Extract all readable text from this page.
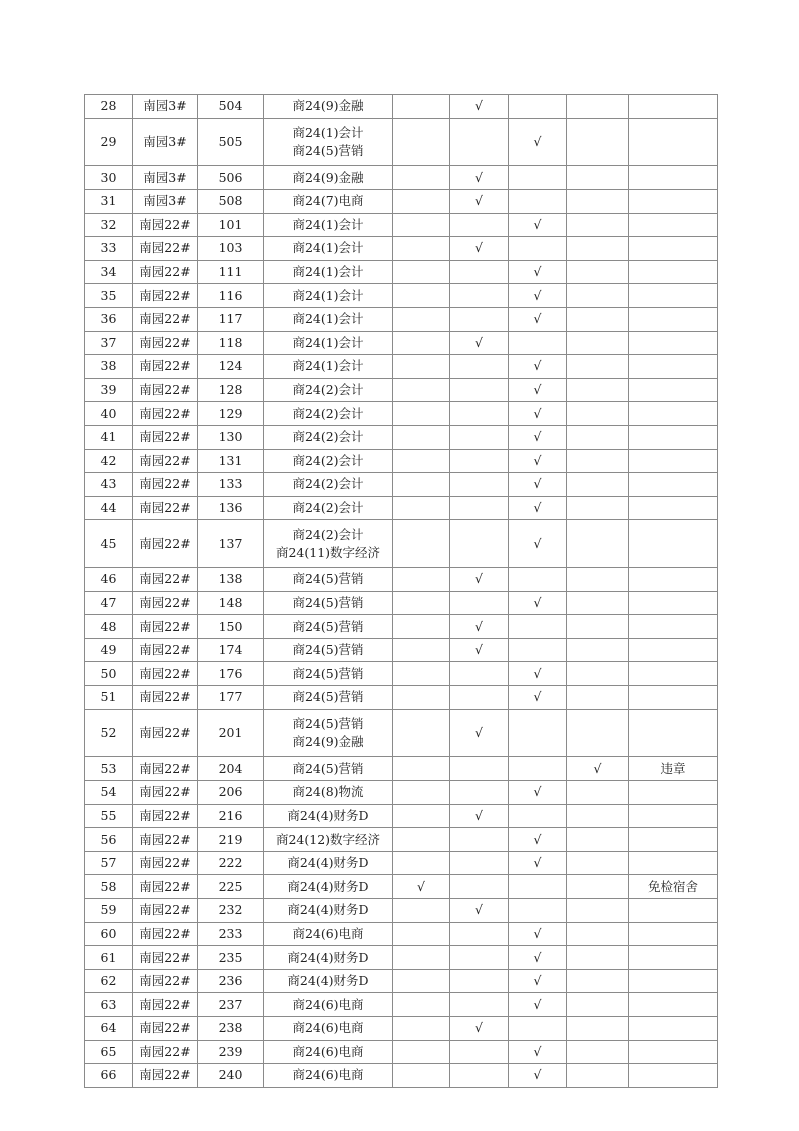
28	南园3#	504	商24(9)金融		√			
29	南园3#	505	商24(1)会计
商24(5)营销			√		
30	南园3#	506	商24(9)金融		√			
31	南园3#	508	商24(7)电商		√			
32	南园22#	101	商24(1)会计			√		
33	南园22#	103	商24(1)会计		√			
34	南园22#	111	商24(1)会计			√		
35	南园22#	116	商24(1)会计			√		
36	南园22#	117	商24(1)会计			√		
37	南园22#	118	商24(1)会计		√			
38	南园22#	124	商24(1)会计			√		
39	南园22#	128	商24(2)会计			√		
40	南园22#	129	商24(2)会计			√		
41	南园22#	130	商24(2)会计			√		
42	南园22#	131	商24(2)会计			√		
43	南园22#	133	商24(2)会计			√		
44	南园22#	136	商24(2)会计			√		
45	南园22#	137	商24(2)会计
商24(11)数字经济			√		
46	南园22#	138	商24(5)营销		√			
47	南园22#	148	商24(5)营销			√		
48	南园22#	150	商24(5)营销		√			
49	南园22#	174	商24(5)营销		√			
50	南园22#	176	商24(5)营销			√		
51	南园22#	177	商24(5)营销			√		
52	南园22#	201	商24(5)营销
商24(9)金融		√			
53	南园22#	204	商24(5)营销				√	违章
54	南园22#	206	商24(8)物流			√		
55	南园22#	216	商24(4)财务D		√			
56	南园22#	219	商24(12)数字经济			√		
57	南园22#	222	商24(4)财务D			√		
58	南园22#	225	商24(4)财务D	√				免检宿舍
59	南园22#	232	商24(4)财务D		√			
60	南园22#	233	商24(6)电商			√		
61	南园22#	235	商24(4)财务D			√		
62	南园22#	236	商24(4)财务D			√		
63	南园22#	237	商24(6)电商			√		
64	南园22#	238	商24(6)电商		√			
65	南园22#	239	商24(6)电商			√		
66	南园22#	240	商24(6)电商			√		
